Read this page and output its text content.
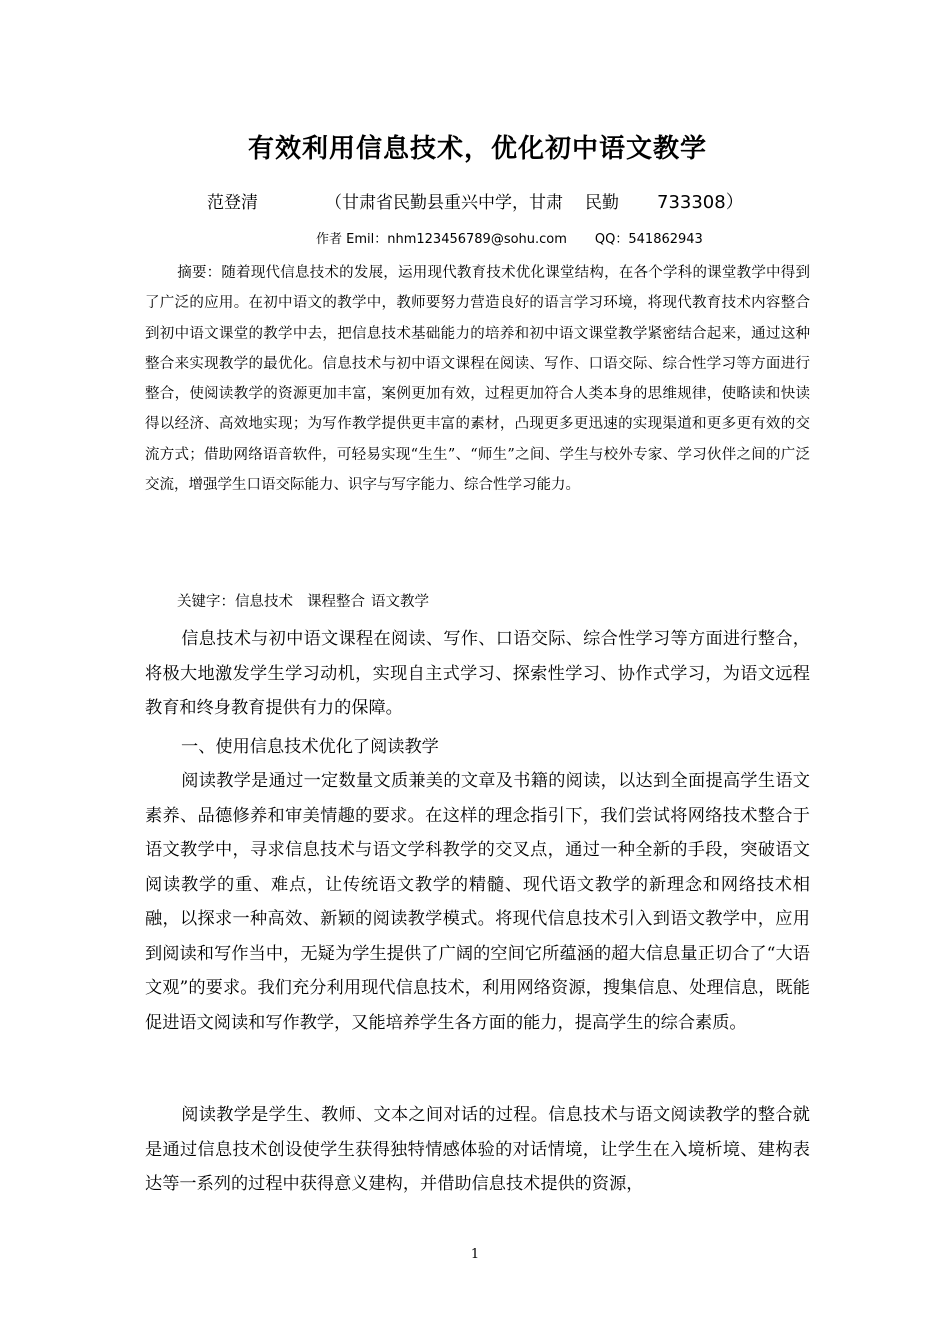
有效利用信息技术，优化初中语文教学
范登清	（甘肃省民勤县重兴中学，甘肃 民勤 733308）
作者 Emil：nhm123456789@sohu.com QQ：541862943

摘要：随着现代信息技术的发展，运用现代教育技术优化课堂结构，在各个学科的课堂教学中得到了广泛的应用。在初中语文的教学中，教师要努力营造良好的语言学习环境，将现代教育技术内容整合到初中语文课堂的教学中去，把信息技术基础能力的培养和初中语文课堂教学紧密结合起来，通过这种整合来实现教学的最优化。信息技术与初中语文课程在阅读、写作、口语交际、综合性学习等方面进行整合，使阅读教学的资源更加丰富，案例更加有效，过程更加符合人类本身的思维规律，使略读和快读得以经济、高效地实现；为写作教学提供更丰富的素材，凸现更多更迅速的实现渠道和更多更有效的交流方式；借助网络语音软件，可轻易实现“生生”、“师生”之间、学生与校外专家、学习伙伴之间的广泛交流，增强学生口语交际能力、识字与写字能力、综合性学习能力。

关键字：信息技术 课程整合 语文教学

信息技术与初中语文课程在阅读、写作、口语交际、综合性学习等方面进行整合，将极大地激发学生学习动机，实现自主式学习、探索性学习、协作式学习，为语文远程教育和终身教育提供有力的保障。

一、使用信息技术优化了阅读教学

阅读教学是通过一定数量文质兼美的文章及书籍的阅读，以达到全面提高学生语文素养、品德修养和审美情趣的要求。在这样的理念指引下，我们尝试将网络技术整合于语文教学中，寻求信息技术与语文学科教学的交叉点，通过一种全新的手段，突破语文阅读教学的重、难点，让传统语文教学的精髓、现代语文教学的新理念和网络技术相融，以探求一种高效、新颖的阅读教学模式。将现代信息技术引入到语文教学中，应用到阅读和写作当中，无疑为学生提供了广阔的空间它所蕴涵的超大信息量正切合了“大语文观”的要求。我们充分利用现代信息技术，利用网络资源，搜集信息、处理信息，既能促进语文阅读和写作教学，又能培养学生各方面的能力，提高学生的综合素质。

阅读教学是学生、教师、文本之间对话的过程。信息技术与语文阅读教学的整合就是通过信息技术创设使学生获得独特情感体验的对话情境，让学生在入境析境、建构表达等一系列的过程中获得意义建构，并借助信息技术提供的资源，

1
